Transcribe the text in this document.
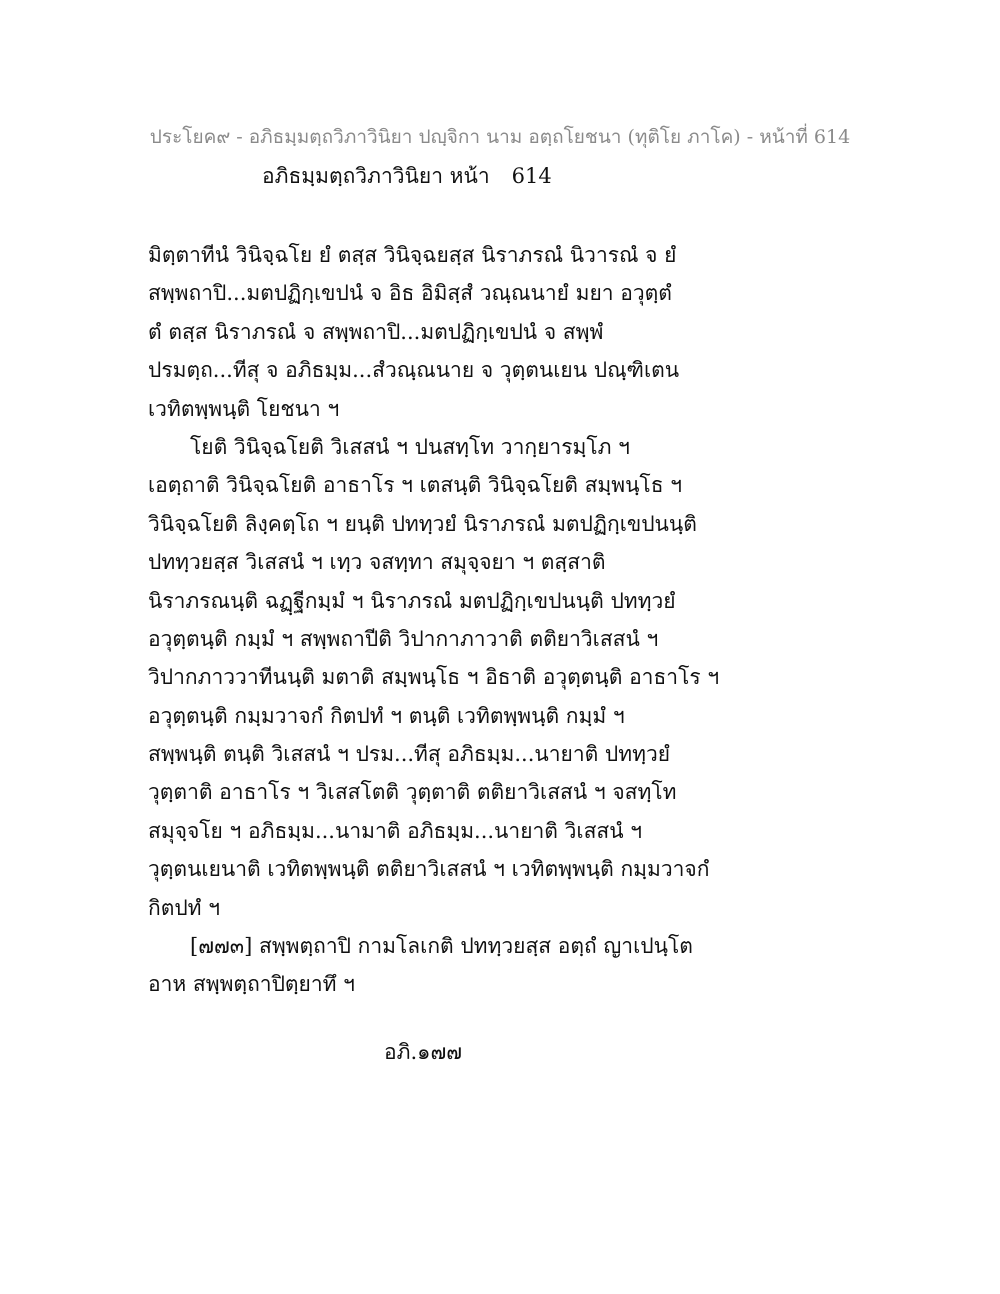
ประโยค๙ - อภิธมฺมตฺถวิภาวินิยา ปญฺจิกา นาม อตฺถโยชนา (ทุติโย ภาโค) - หน้าที่ 614
อภิธมฺมตฺถวิภาวินิยา หน้า 614
มิตฺตาทีนํ วินิจฺฉโย ยํ ตสฺส วินิจฺฉยสฺส นิราภรณํ นิวารณํ จ ยํ
สพฺพถาปิ...มตปฏิกฺเขปนํ จ อิธ อิมิสฺสํ วณฺณนายํ มยา อวุตฺตํ
ตํ ตสฺส นิราภรณํ จ สพฺพถาปิ...มตปฏิกฺเขปนํ จ สพฺพํ
ปรมตฺถ...ทีสุ จ อภิธมฺม...สํวณฺณนาย จ วุตฺตนเยน ปณฺฑิเตน
เวทิตพฺพนฺติ โยชนา ฯ
โยติ วินิจฺฉโยติ วิเสสนํ ฯ ปนสทฺโท วากฺยารมฺโภ ฯ
เอตฺถาติ วินิจฺฉโยติ อาธาโร ฯ เตสนฺติ วินิจฺฉโยติ สมฺพนฺโธ ฯ
วินิจฺฉโยติ ลิงฺคตฺโถ ฯ ยนฺติ ปททฺวยํ นิราภรณํ มตปฏิกฺเขปนนฺติ
ปททฺวยสฺส วิเสสนํ ฯ เทฺว จสทฺทา สมุจฺจยา ฯ ตสฺสาติ
นิราภรณนฺติ ฉฏฺฐีกมฺมํ ฯ นิราภรณํ มตปฏิกฺเขปนนฺติ ปททฺวยํ
อวุตฺตนฺติ กมฺมํ ฯ สพฺพถาปีติ วิปากาภาวาติ ตติยาวิเสสนํ ฯ
วิปากภาววาทีนนฺติ มตาติ สมฺพนฺโธ ฯ อิธาติ อวุตฺตนฺติ อาธาโร ฯ
อวุตฺตนฺติ กมฺมวาจกํ กิตปทํ ฯ ตนฺติ เวทิตพฺพนฺติ กมฺมํ ฯ
สพฺพนฺติ ตนฺติ วิเสสนํ ฯ ปรม...ทีสุ อภิธมฺม...นายาติ ปททฺวยํ
วุตฺตาติ อาธาโร ฯ วิเสสโตติ วุตฺตาติ ตติยาวิเสสนํ ฯ จสทฺโท
สมุจฺจโย ฯ อภิธมฺม...นามาติ อภิธมฺม...นายาติ วิเสสนํ ฯ
วุตฺตนเยนาติ เวทิตพฺพนฺติ ตติยาวิเสสนํ ฯ เวทิตพฺพนฺติ กมฺมวาจกํ
กิตปทํ ฯ
[๗๗๓] สพฺพตฺถาปิ กามโลเกติ ปททฺวยสฺส อตฺถํ ญาเปนฺโต
อาห สพฺพตฺถาปิตฺยาทึ ฯ
อภิ.๑๗๗
